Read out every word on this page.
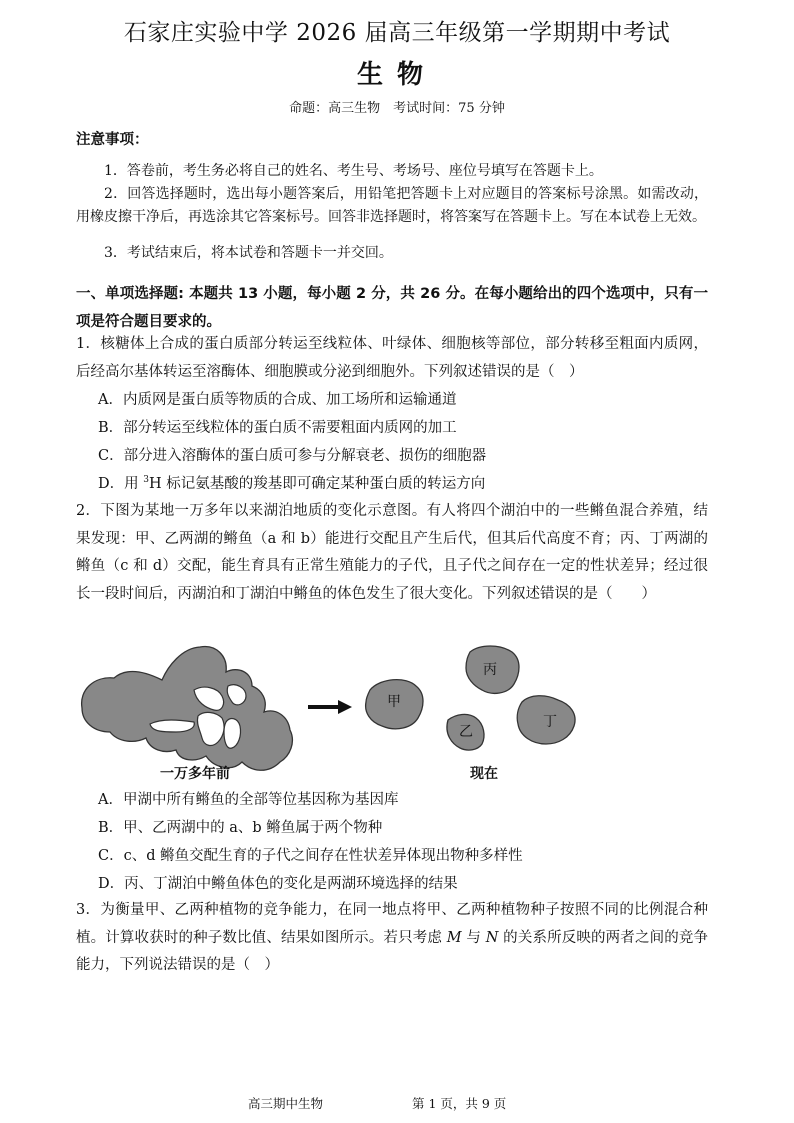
石家庄实验中学 2026 届高三年级第一学期期中考试
生物
命题：高三生物　考试时间：75 分钟
注意事项：

1．答卷前，考生务必将自己的姓名、考生号、考场号、座位号填写在答题卡上。

2．回答选择题时，选出每小题答案后，用铅笔把答题卡上对应题目的答案标号涂黑。如需改动，用橡皮擦干净后，再选涂其它答案标号。回答非选择题时，将答案写在答题卡上。写在本试卷上无效。

3．考试结束后，将本试卷和答题卡一并交回。

一、单项选择题: 本题共 13 小题，每小题 2 分，共 26 分。在每小题给出的四个选项中，只有一项是符合题目要求的。

1．核糖体上合成的蛋白质部分转运至线粒体、叶绿体、细胞核等部位，部分转移至粗面内质网，后经高尔基体转运至溶酶体、细胞膜或分泌到细胞外。下列叙述错误的是（　）

A．内质网是蛋白质等物质的合成、加工场所和运输通道
B．部分转运至线粒体的蛋白质不需要粗面内质网的加工
C．部分进入溶酶体的蛋白质可参与分解衰老、损伤的细胞器
D．用 $^3$H 标记氨基酸的羧基即可确定某种蛋白质的转运方向

2．下图为某地一万多年以来湖泊地质的变化示意图。有人将四个湖泊中的一些鳉鱼混合养殖，结果发现：甲、乙两湖的鳉鱼（a 和 b）能进行交配且产生后代，但其后代高度不育；丙、丁两湖的鳉鱼（c 和 d）交配，能生育具有正常生殖能力的子代，且子代之间存在一定的性状差异；经过很长一段时间后，丙湖泊和丁湖泊中鳉鱼的体色发生了很大变化。下列叙述错误的是（　　）

甲
乙
丙
丁
一万多年前	现在
A．甲湖中所有鳉鱼的全部等位基因称为基因库
B．甲、乙两湖中的 a、b 鳉鱼属于两个物种
C．c、d 鳉鱼交配生育的子代之间存在性状差异体现出物种多样性
D．丙、丁湖泊中鳉鱼体色的变化是两湖环境选择的结果

3．为衡量甲、乙两种植物的竞争能力，在同一地点将甲、乙两种植物种子按照不同的比例混合种植。计算收获时的种子数比值、结果如图所示。若只考虑 M 与 N 的关系所反映的两者之间的竞争能力，下列说法错误的是（　）

高三期中生物	第 1 页，共 9 页
